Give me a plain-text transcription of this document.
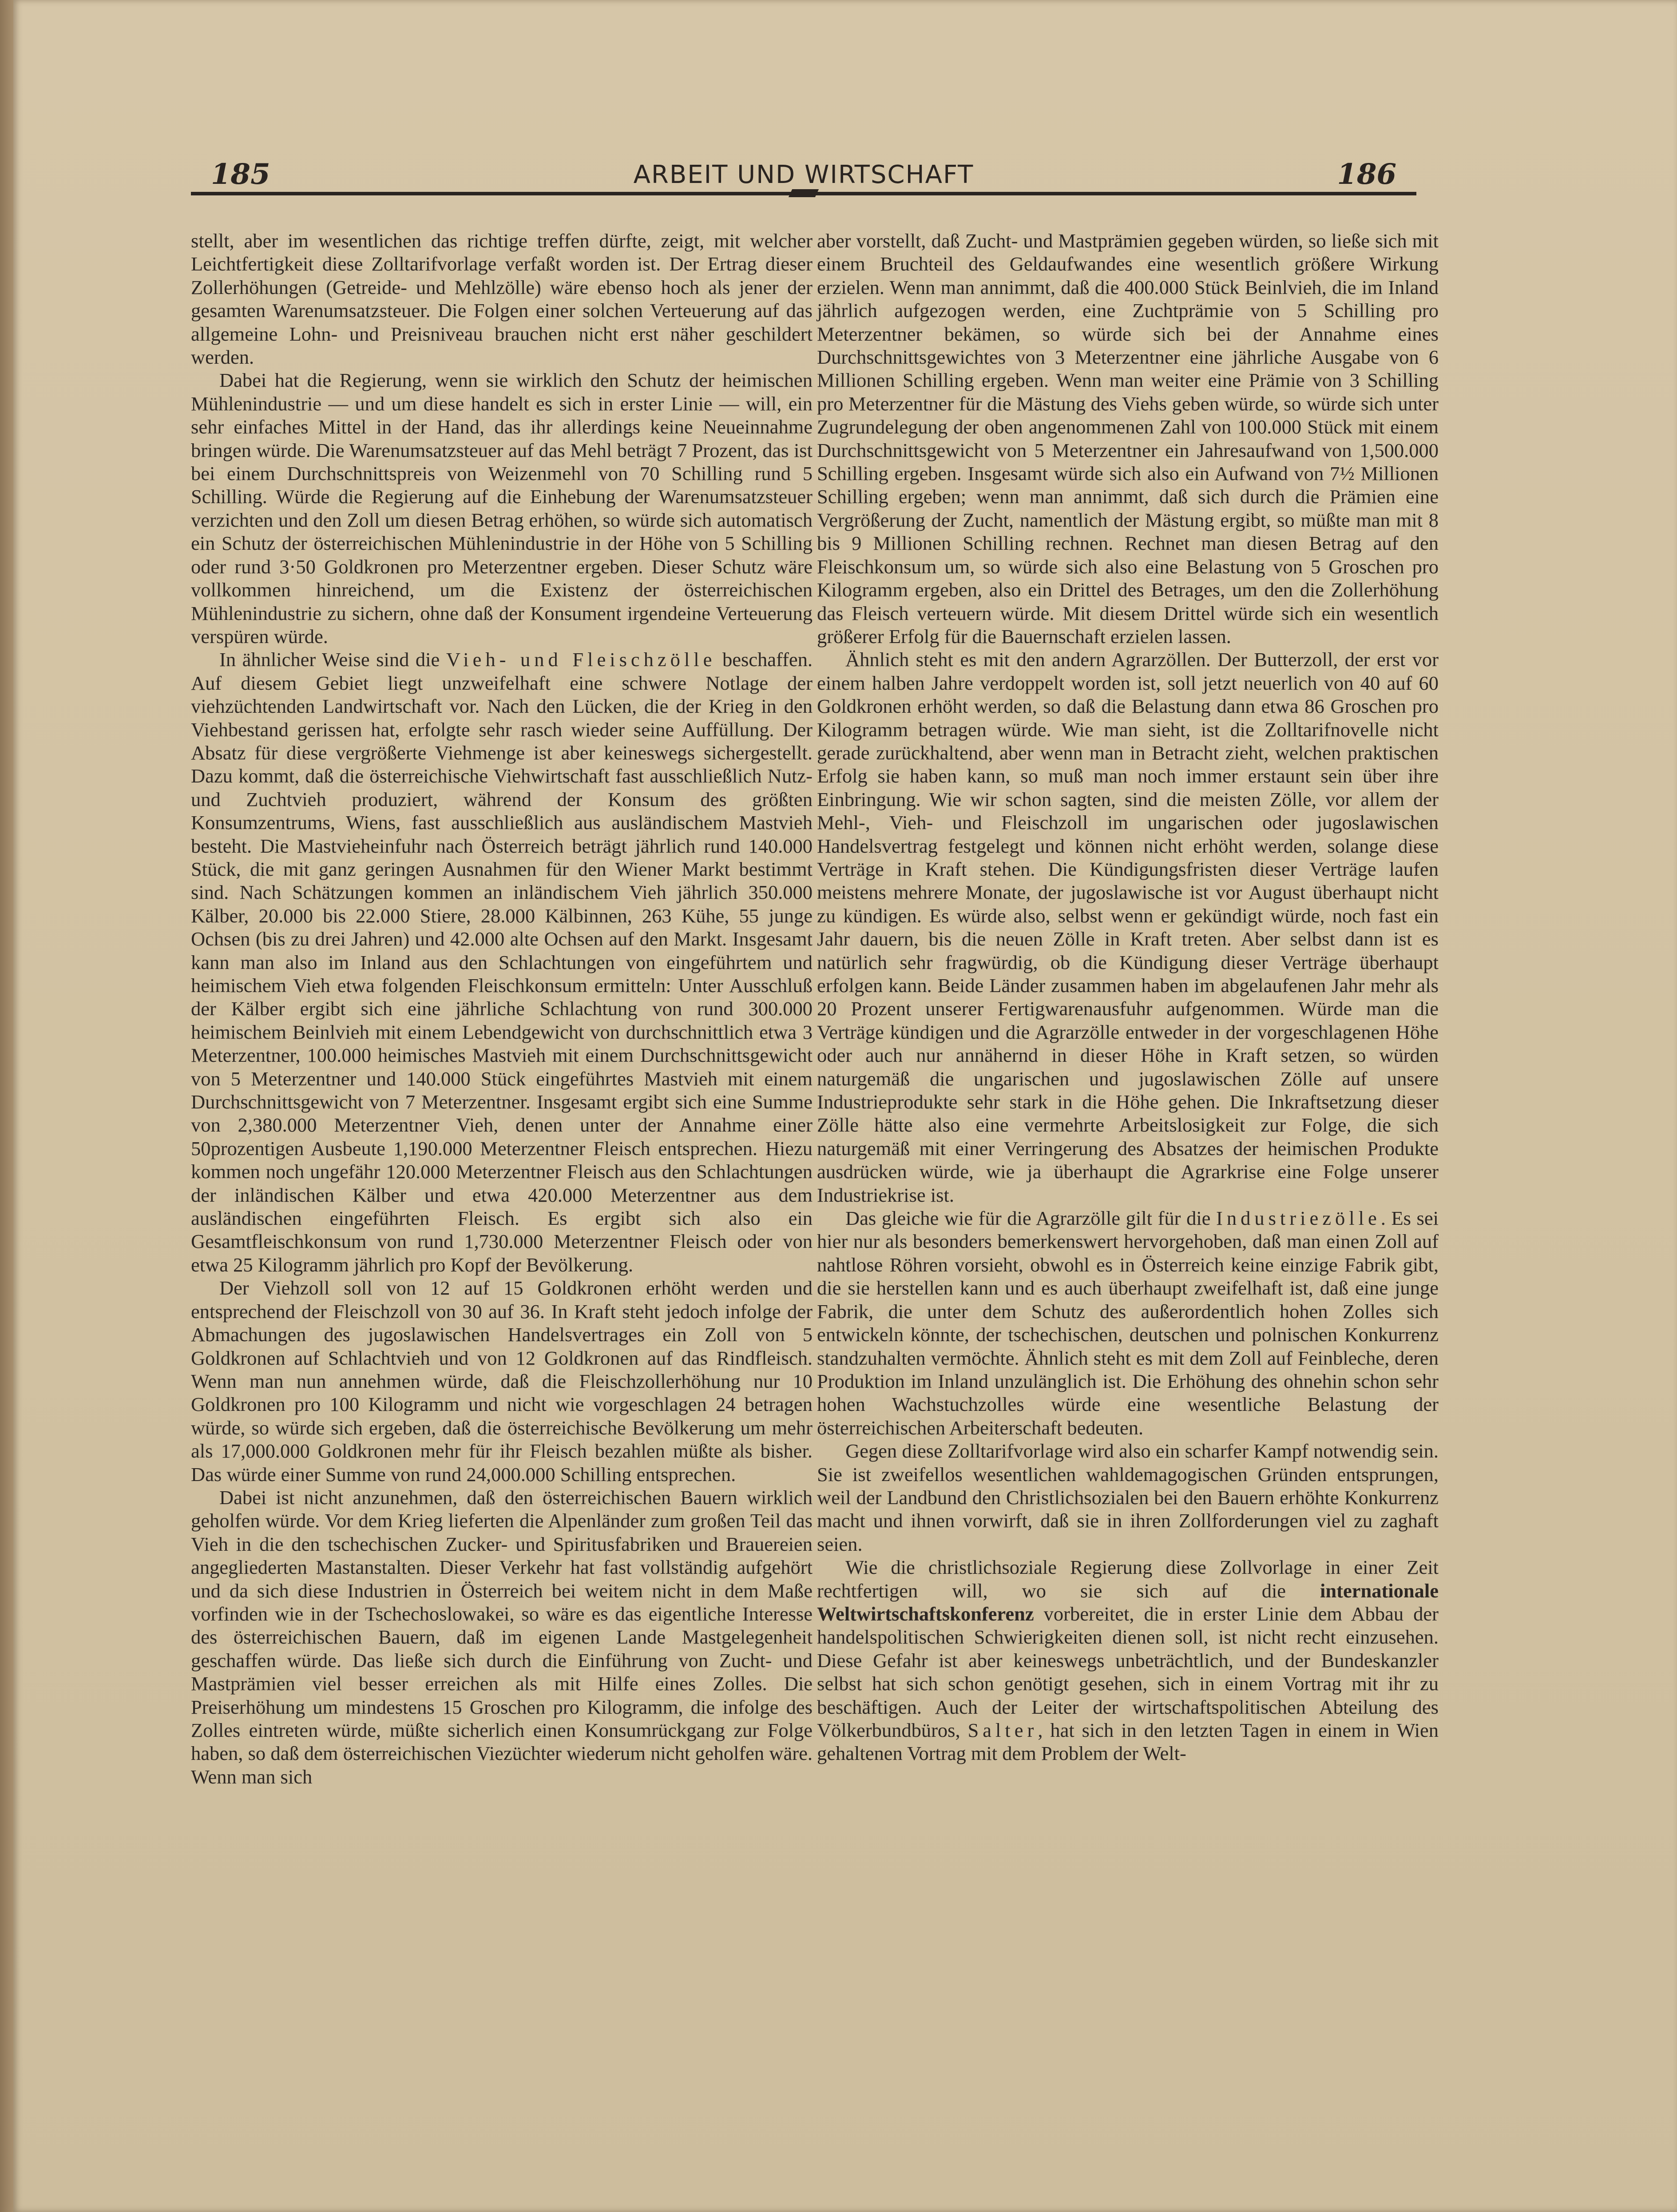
185	ARBEIT UND WIRTSCHAFT	186

stellt, aber im wesentlichen das richtige treffen dürfte, zeigt, mit welcher Leichtfertigkeit diese Zolltarifvorlage verfaßt worden ist. Der Ertrag dieser Zollerhöhungen (Getreide- und Mehlzölle) wäre ebenso hoch als jener der gesamten Warenumsatzsteuer. Die Folgen einer solchen Verteuerung auf das allgemeine Lohn- und Preisniveau brauchen nicht erst näher geschildert werden.

Dabei hat die Regierung, wenn sie wirklich den Schutz der heimischen Mühlenindustrie — und um diese handelt es sich in erster Linie — will, ein sehr einfaches Mittel in der Hand, das ihr allerdings keine Neueinnahme bringen würde. Die Warenumsatzsteuer auf das Mehl beträgt 7 Prozent, das ist bei einem Durchschnittspreis von Weizenmehl von 70 Schilling rund 5 Schilling. Würde die Regierung auf die Einhebung der Warenumsatzsteuer verzichten und den Zoll um diesen Betrag erhöhen, so würde sich automatisch ein Schutz der österreichischen Mühlenindustrie in der Höhe von 5 Schilling oder rund 3·50 Goldkronen pro Meterzentner ergeben. Dieser Schutz wäre vollkommen hinreichend, um die Existenz der österreichischen Mühlenindustrie zu sichern, ohne daß der Konsument irgendeine Verteuerung verspüren würde.

In ähnlicher Weise sind die Vieh- und Fleischzölle beschaffen. Auf diesem Gebiet liegt unzweifelhaft eine schwere Notlage der viehzüchtenden Landwirtschaft vor. Nach den Lücken, die der Krieg in den Viehbestand gerissen hat, erfolgte sehr rasch wieder seine Auffüllung. Der Absatz für diese vergrößerte Viehmenge ist aber keineswegs sichergestellt. Dazu kommt, daß die österreichische Viehwirtschaft fast ausschließlich Nutz- und Zuchtvieh produziert, während der Konsum des größten Konsumzentrums, Wiens, fast ausschließlich aus ausländischem Mastvieh besteht. Die Mastvieheinfuhr nach Österreich beträgt jährlich rund 140.000 Stück, die mit ganz geringen Ausnahmen für den Wiener Markt bestimmt sind. Nach Schätzungen kommen an inländischem Vieh jährlich 350.000 Kälber, 20.000 bis 22.000 Stiere, 28.000 Kälbinnen, 263 Kühe, 55 junge Ochsen (bis zu drei Jahren) und 42.000 alte Ochsen auf den Markt. Insgesamt kann man also im Inland aus den Schlachtungen von eingeführtem und heimischem Vieh etwa folgenden Fleischkonsum ermitteln: Unter Ausschluß der Kälber ergibt sich eine jährliche Schlachtung von rund 300.000 heimischem Beinlvieh mit einem Lebendgewicht von durchschnittlich etwa 3 Meterzentner, 100.000 heimisches Mastvieh mit einem Durchschnittsgewicht von 5 Meterzentner und 140.000 Stück eingeführtes Mastvieh mit einem Durchschnittsgewicht von 7 Meterzentner. Insgesamt ergibt sich eine Summe von 2,380.000 Meterzentner Vieh, denen unter der Annahme einer 50prozentigen Ausbeute 1,190.000 Meterzentner Fleisch entsprechen. Hiezu kommen noch ungefähr 120.000 Meterzentner Fleisch aus den Schlachtungen der inländischen Kälber und etwa 420.000 Meterzentner aus dem ausländischen eingeführten Fleisch. Es ergibt sich also ein Gesamtfleischkonsum von rund 1,730.000 Meterzentner Fleisch oder von etwa 25 Kilogramm jährlich pro Kopf der Bevölkerung.

Der Viehzoll soll von 12 auf 15 Goldkronen erhöht werden und entsprechend der Fleischzoll von 30 auf 36. In Kraft steht jedoch infolge der Abmachungen des jugoslawischen Handelsvertrages ein Zoll von 5 Goldkronen auf Schlachtvieh und von 12 Goldkronen auf das Rindfleisch. Wenn man nun annehmen würde, daß die Fleischzollerhöhung nur 10 Goldkronen pro 100 Kilogramm und nicht wie vorgeschlagen 24 betragen würde, so würde sich ergeben, daß die österreichische Bevölkerung um mehr als 17,000.000 Goldkronen mehr für ihr Fleisch bezahlen müßte als bisher. Das würde einer Summe von rund 24,000.000 Schilling entsprechen.

Dabei ist nicht anzunehmen, daß den österreichischen Bauern wirklich geholfen würde. Vor dem Krieg lieferten die Alpenländer zum großen Teil das Vieh in die den tschechischen Zucker- und Spiritusfabriken und Brauereien angegliederten Mastanstalten. Dieser Verkehr hat fast vollständig aufgehört und da sich diese Industrien in Österreich bei weitem nicht in dem Maße vorfinden wie in der Tschechoslowakei, so wäre es das eigentliche Interesse des österreichischen Bauern, daß im eigenen Lande Mastgelegenheit geschaffen würde. Das ließe sich durch die Einführung von Zucht- und Mastprämien viel besser erreichen als mit Hilfe eines Zolles. Die Preiserhöhung um mindestens 15 Groschen pro Kilogramm, die infolge des Zolles eintreten würde, müßte sicherlich einen Konsumrückgang zur Folge haben, so daß dem österreichischen Viezüchter wiederum nicht geholfen wäre. Wenn man sich

aber vorstellt, daß Zucht- und Mastprämien gegeben würden, so ließe sich mit einem Bruchteil des Geldaufwandes eine wesentlich größere Wirkung erzielen. Wenn man annimmt, daß die 400.000 Stück Beinlvieh, die im Inland jährlich aufgezogen werden, eine Zuchtprämie von 5 Schilling pro Meterzentner bekämen, so würde sich bei der Annahme eines Durchschnittsgewichtes von 3 Meterzentner eine jährliche Ausgabe von 6 Millionen Schilling ergeben. Wenn man weiter eine Prämie von 3 Schilling pro Meterzentner für die Mästung des Viehs geben würde, so würde sich unter Zugrundelegung der oben angenommenen Zahl von 100.000 Stück mit einem Durchschnittsgewicht von 5 Meterzentner ein Jahresaufwand von 1,500.000 Schilling ergeben. Insgesamt würde sich also ein Aufwand von 7½ Millionen Schilling ergeben; wenn man annimmt, daß sich durch die Prämien eine Vergrößerung der Zucht, namentlich der Mästung ergibt, so müßte man mit 8 bis 9 Millionen Schilling rechnen. Rechnet man diesen Betrag auf den Fleischkonsum um, so würde sich also eine Belastung von 5 Groschen pro Kilogramm ergeben, also ein Drittel des Betrages, um den die Zollerhöhung das Fleisch verteuern würde. Mit diesem Drittel würde sich ein wesentlich größerer Erfolg für die Bauernschaft erzielen lassen.

Ähnlich steht es mit den andern Agrarzöllen. Der Butterzoll, der erst vor einem halben Jahre verdoppelt worden ist, soll jetzt neuerlich von 40 auf 60 Goldkronen erhöht werden, so daß die Belastung dann etwa 86 Groschen pro Kilogramm betragen würde. Wie man sieht, ist die Zolltarifnovelle nicht gerade zurückhaltend, aber wenn man in Betracht zieht, welchen praktischen Erfolg sie haben kann, so muß man noch immer erstaunt sein über ihre Einbringung. Wie wir schon sagten, sind die meisten Zölle, vor allem der Mehl-, Vieh- und Fleischzoll im ungarischen oder jugoslawischen Handelsvertrag festgelegt und können nicht erhöht werden, solange diese Verträge in Kraft stehen. Die Kündigungsfristen dieser Verträge laufen meistens mehrere Monate, der jugoslawische ist vor August überhaupt nicht zu kündigen. Es würde also, selbst wenn er gekündigt würde, noch fast ein Jahr dauern, bis die neuen Zölle in Kraft treten. Aber selbst dann ist es natürlich sehr fragwürdig, ob die Kündigung dieser Verträge überhaupt erfolgen kann. Beide Länder zusammen haben im abgelaufenen Jahr mehr als 20 Prozent unserer Fertigwarenausfuhr aufgenommen. Würde man die Verträge kündigen und die Agrarzölle entweder in der vorgeschlagenen Höhe oder auch nur annähernd in dieser Höhe in Kraft setzen, so würden naturgemäß die ungarischen und jugoslawischen Zölle auf unsere Industrieprodukte sehr stark in die Höhe gehen. Die Inkraftsetzung dieser Zölle hätte also eine vermehrte Arbeitslosigkeit zur Folge, die sich naturgemäß mit einer Verringerung des Absatzes der heimischen Produkte ausdrücken würde, wie ja überhaupt die Agrarkrise eine Folge unserer Industriekrise ist.

Das gleiche wie für die Agrarzölle gilt für die Industriezölle. Es sei hier nur als besonders bemerkenswert hervorgehoben, daß man einen Zoll auf nahtlose Röhren vorsieht, obwohl es in Österreich keine einzige Fabrik gibt, die sie herstellen kann und es auch überhaupt zweifelhaft ist, daß eine junge Fabrik, die unter dem Schutz des außerordentlich hohen Zolles sich entwickeln könnte, der tschechischen, deutschen und polnischen Konkurrenz standzuhalten vermöchte. Ähnlich steht es mit dem Zoll auf Feinbleche, deren Produktion im Inland unzulänglich ist. Die Erhöhung des ohnehin schon sehr hohen Wachstuchzolles würde eine wesentliche Belastung der österreichischen Arbeiterschaft bedeuten.

Gegen diese Zolltarifvorlage wird also ein scharfer Kampf notwendig sein. Sie ist zweifellos wesentlichen wahldemagogischen Gründen entsprungen, weil der Landbund den Christlichsozialen bei den Bauern erhöhte Konkurrenz macht und ihnen vorwirft, daß sie in ihren Zollforderungen viel zu zaghaft seien.

Wie die christlichsoziale Regierung diese Zollvorlage in einer Zeit rechtfertigen will, wo sie sich auf die internationale Weltwirtschaftskonferenz vorbereitet, die in erster Linie dem Abbau der handelspolitischen Schwierigkeiten dienen soll, ist nicht recht einzusehen. Diese Gefahr ist aber keineswegs unbeträchtlich, und der Bundeskanzler selbst hat sich schon genötigt gesehen, sich in einem Vortrag mit ihr zu beschäftigen. Auch der Leiter der wirtschaftspolitischen Abteilung des Völkerbundbüros, Salter, hat sich in den letzten Tagen in einem in Wien gehaltenen Vortrag mit dem Problem der Welt-
